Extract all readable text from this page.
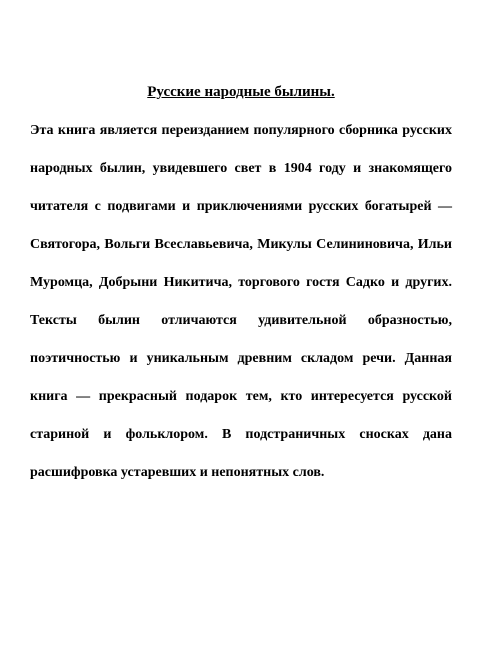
Русские народные былины.

Эта книга является переизданием популярного сборника русских народных былин, увидевшего свет в 1904 году и знакомящего читателя с подвигами и приключениями русских богатырей — Святогора, Вольги Всеславьевича, Микулы Селининовича, Ильи Муромца, Добрыни Никитича, торгового гостя Садко и других. Тексты былин отличаются удивительной образностью, поэтичностью и уникальным древним складом речи. Данная книга — прекрасный подарок тем, кто интересуется русской стариной и фольклором. В подстраничных сносках дана расшифровка устаревших и непонятных слов.
